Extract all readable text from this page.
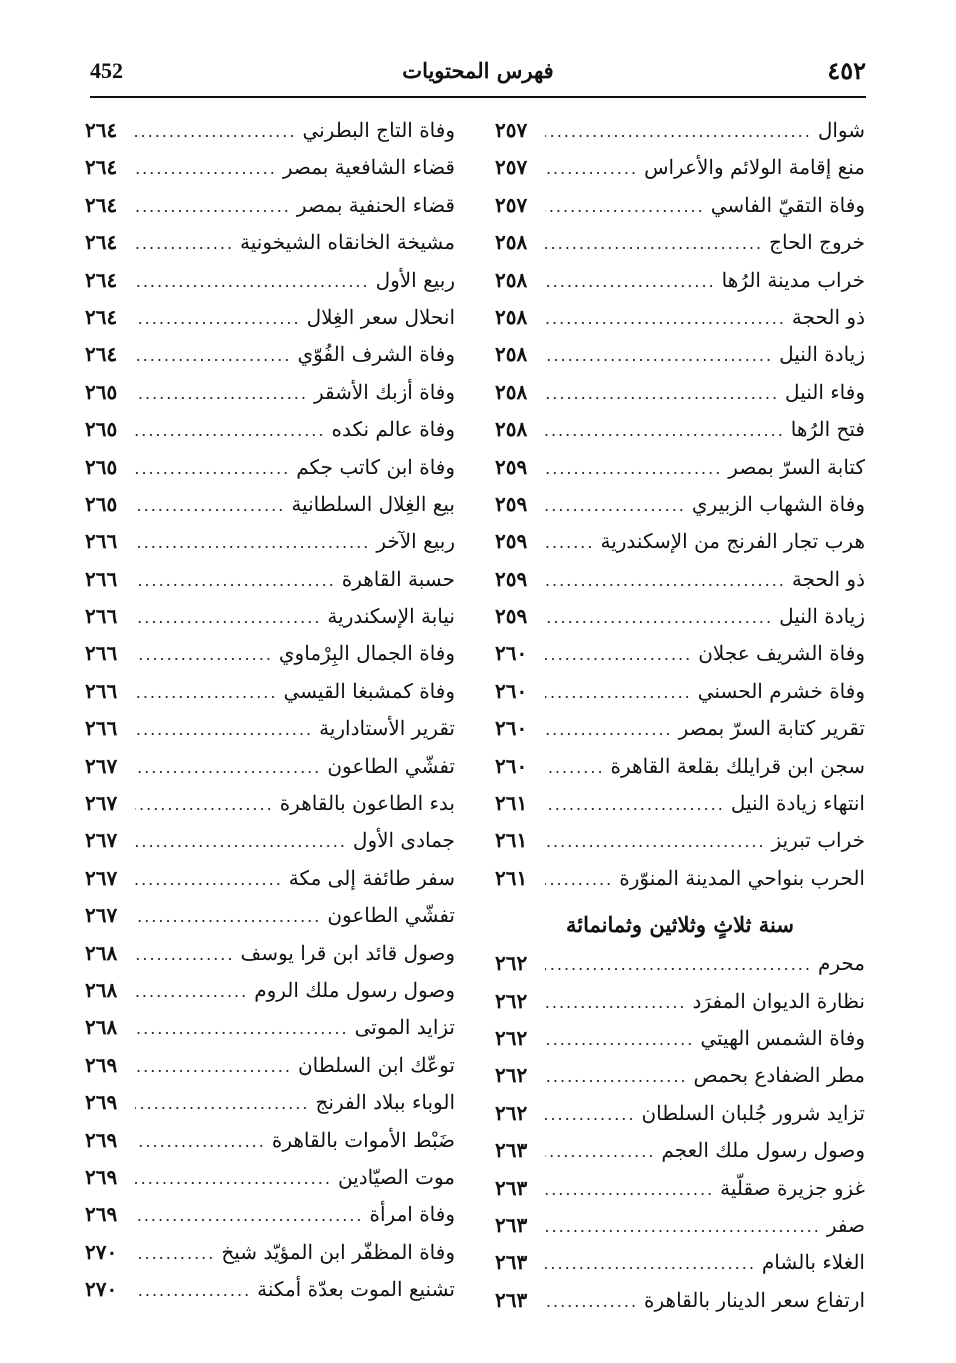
452	فهرس المحتويات	٤٥٢
شوال
.....
٢٥٧
منع إقامة الولائم والأعراس
.....
٢٥٧
وفاة التقيّ الفاسي
.....
٢٥٧
خروج الحاج
.....
٢٥٨
خراب مدينة الرُها
.....
٢٥٨
ذو الحجة
.....
٢٥٨
زيادة النيل
.....
٢٥٨
وفاء النيل
.....
٢٥٨
فتح الرُها
.....
٢٥٨
كتابة السرّ بمصر
.....
٢٥٩
وفاة الشهاب الزبيري
.....
٢٥٩
هرب تجار الفرنج من الإسكندرية
.....
٢٥٩
ذو الحجة
.....
٢٥٩
زيادة النيل
.....
٢٥٩
وفاة الشريف عجلان
.....
٢٦٠
وفاة خشرم الحسني
.....
٢٦٠
تقرير كتابة السرّ بمصر
.....
٢٦٠
سجن ابن قرايلك بقلعة القاهرة
.....
٢٦٠
انتهاء زيادة النيل
.....
٢٦١
خراب تبريز
.....
٢٦١
الحرب بنواحي المدينة المنوّرة
.....
٢٦١
سنة ثلاثٍ وثلاثين وثمانمائة
محرم
.....
٢٦٢
نظارة الديوان المفرَد
.....
٢٦٢
وفاة الشمس الهيتي
.....
٢٦٢
مطر الضفادع بحمص
.....
٢٦٢
تزايد شرور جُلبان السلطان
.....
٢٦٢
وصول رسول ملك العجم
.....
٢٦٣
غزو جزيرة صقلّية
.....
٢٦٣
صفر
.....
٢٦٣
الغلاء بالشام
.....
٢٦٣
ارتفاع سعر الدينار بالقاهرة
.....
٢٦٣
وفاة التاج البطرني
.....
٢٦٤
قضاء الشافعية بمصر
.....
٢٦٤
قضاء الحنفية بمصر
.....
٢٦٤
مشيخة الخانقاه الشيخونية
.....
٢٦٤
ربيع الأول
.....
٢٦٤
انحلال سعر الغِلال
.....
٢٦٤
وفاة الشرف الفُوّي
.....
٢٦٤
وفاة أزبك الأشقر
.....
٢٦٥
وفاة عالم نكده
.....
٢٦٥
وفاة ابن كاتب جكم
.....
٢٦٥
بيع الغِلال السلطانية
.....
٢٦٥
ربيع الآخر
.....
٢٦٦
حسبة القاهرة
.....
٢٦٦
نيابة الإسكندرية
.....
٢٦٦
وفاة الجمال البِرْماوي
.....
٢٦٦
وفاة كمشبغا القيسي
.....
٢٦٦
تقرير الأستادارية
.....
٢٦٦
تفشّي الطاعون
.....
٢٦٧
بدء الطاعون بالقاهرة
.....
٢٦٧
جمادى الأول
.....
٢٦٧
سفر طائفة إلى مكة
.....
٢٦٧
تفشّي الطاعون
.....
٢٦٧
وصول قائد ابن قرا يوسف
.....
٢٦٨
وصول رسول ملك الروم
.....
٢٦٨
تزايد الموتى
.....
٢٦٨
توعّك ابن السلطان
.....
٢٦٩
الوباء ببلاد الفرنج
.....
٢٦٩
ضَبْط الأموات بالقاهرة
.....
٢٦٩
موت الصيّادين
.....
٢٦٩
وفاة امرأة
.....
٢٦٩
وفاة المظفّر ابن المؤيّد شيخ
.....
٢٧٠
تشنيع الموت بعدّة أمكنة
.....
٢٧٠
